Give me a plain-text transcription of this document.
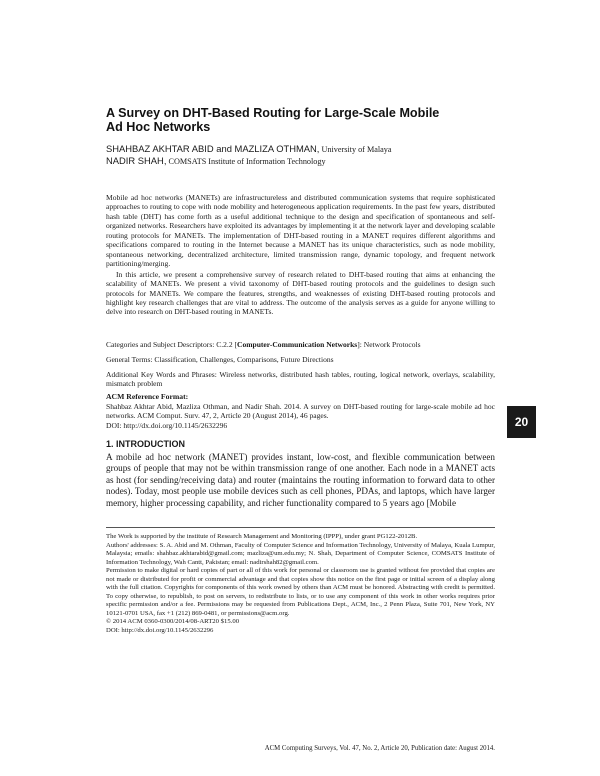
A Survey on DHT-Based Routing for Large-Scale Mobile Ad Hoc Networks
SHAHBAZ AKHTAR ABID and MAZLIZA OTHMAN, University of Malaya
NADIR SHAH, COMSATS Institute of Information Technology

Mobile ad hoc networks (MANETs) are infrastructureless and distributed communication systems that require sophisticated approaches to routing to cope with node mobility and heterogeneous application requirements. In the past few years, distributed hash table (DHT) has come forth as a useful additional technique to the design and specification of spontaneous and self-organized networks. Researchers have exploited its advantages by implementing it at the network layer and developing scalable routing protocols for MANETs. The implementation of DHT-based routing in a MANET requires different algorithms and specifications compared to routing in the Internet because a MANET has its unique characteristics, such as node mobility, spontaneous networking, decentralized architecture, limited transmission range, dynamic topology, and frequent network partitioning/merging.

In this article, we present a comprehensive survey of research related to DHT-based routing that aims at enhancing the scalability of MANETs. We present a vivid taxonomy of DHT-based routing protocols and the guidelines to design such protocols for MANETs. We compare the features, strengths, and weaknesses of existing DHT-based routing protocols and highlight key research challenges that are vital to address. The outcome of the analysis serves as a guide for anyone willing to delve into research on DHT-based routing in MANETs.

Categories and Subject Descriptors: C.2.2 [Computer-Communication Networks]: Network Protocols
General Terms: Classification, Challenges, Comparisons, Future Directions
Additional Key Words and Phrases: Wireless networks, distributed hash tables, routing, logical network, overlays, scalability, mismatch problem
ACM Reference Format:
Shahbaz Akhtar Abid, Mazliza Othman, and Nadir Shah. 2014. A survey on DHT-based routing for large-scale mobile ad hoc networks. ACM Comput. Surv. 47, 2, Article 20 (August 2014), 46 pages.
DOI: http://dx.doi.org/10.1145/2632296	20
1. INTRODUCTION
A mobile ad hoc network (MANET) provides instant, low-cost, and flexible communication between groups of people that may not be within transmission range of one another. Each node in a MANET acts as host (for sending/receiving data) and router (maintains the routing information to forward data to other nodes). Today, most people use mobile devices such as cell phones, PDAs, and laptops, which have larger memory, higher processing capability, and richer functionality compared to 5 years ago [Mobile

The Work is supported by the institute of Research Management and Monitoring (IPPP), under grant PG122-2012B.

Authors' addresses: S. A. Abid and M. Othman, Faculty of Computer Science and Information Technology, University of Malaya, Kuala Lumpur, Malaysia; emails: shahbaz.akhtarabid@gmail.com; mazliza@um.edu.my; N. Shah, Department of Computer Science, COMSATS Institute of Information Technology, Wah Cantt, Pakistan; email: nadirshah82@gmail.com.

Permission to make digital or hard copies of part or all of this work for personal or classroom use is granted without fee provided that copies are not made or distributed for profit or commercial advantage and that copies show this notice on the first page or initial screen of a display along with the full citation. Copyrights for components of this work owned by others than ACM must be honored. Abstracting with credit is permitted. To copy otherwise, to republish, to post on servers, to redistribute to lists, or to use any component of this work in other works requires prior specific permission and/or a fee. Permissions may be requested from Publications Dept., ACM, Inc., 2 Penn Plaza, Suite 701, New York, NY 10121-0701 USA, fax +1 (212) 869-0481, or permissions@acm.org.

© 2014 ACM 0360-0300/2014/08-ART20 $15.00

DOI: http://dx.doi.org/10.1145/2632296

ACM Computing Surveys, Vol. 47, No. 2, Article 20, Publication date: August 2014.
